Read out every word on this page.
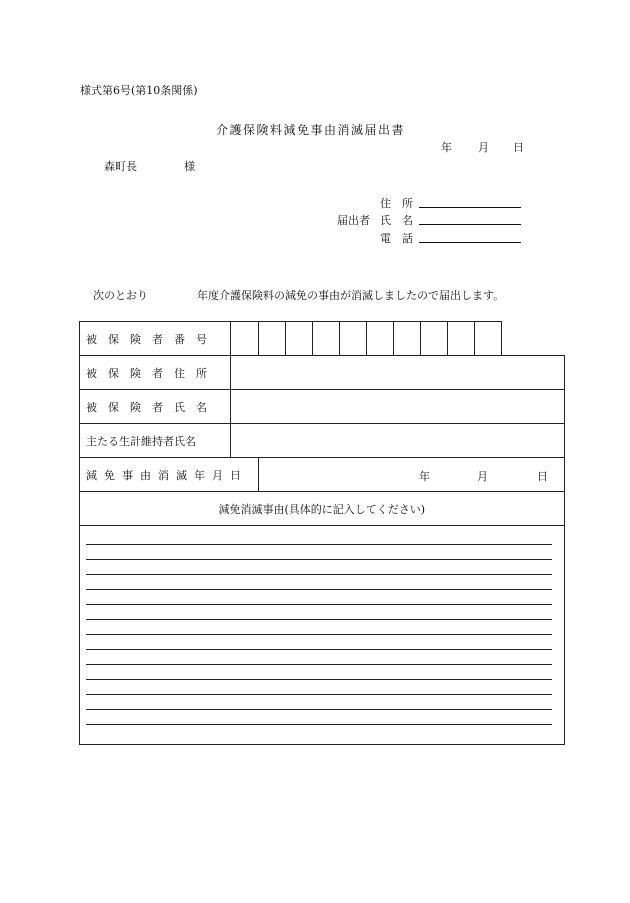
様式第6号(第10条関係)
介護保険料減免事由消滅届出書
年 月 日
森町長	様
住　所
届出者 氏　名
電　話
次のとおり	年度介護保険料の減免の事由が消滅しましたので届出します。
被保険者番号											

被保険者住所											
被保険者氏名											
主たる生計維持者氏名											
減免事由消滅年月日		年 月 日									

減免消滅事由(具体的に記入してください)											
